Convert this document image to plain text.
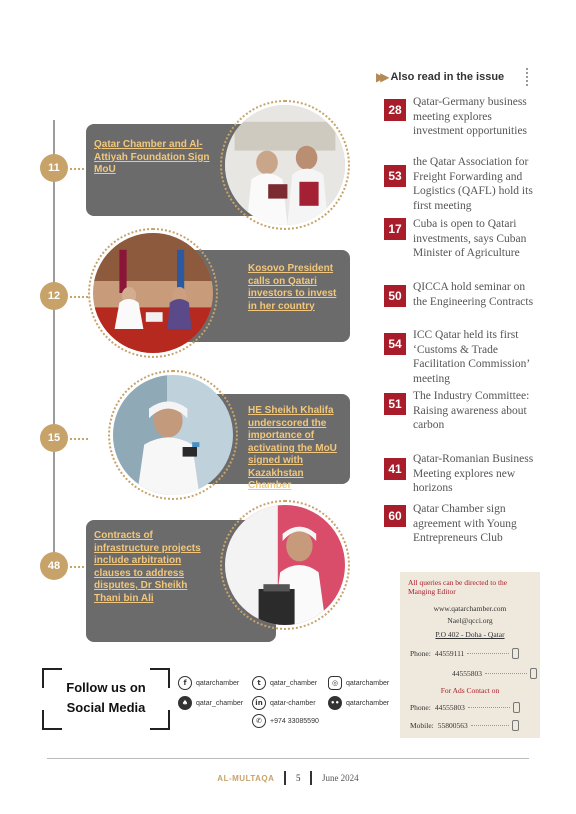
11
Qatar Chamber and Al-Attiyah Foundation Sign MoU
12
Kosovo President calls on Qatari investors to invest in her country
15
HE Sheikh Khalifa underscored the importance of activating the MoU signed with Kazakhstan Chamber
48
Contracts of infrastructure projects include arbitration clauses to address disputes, Dr Sheikh Thani bin Ali
▶▶ Also read in the issue
28
Qatar-Germany business meeting explores investment opportunities
53
the Qatar Association for Freight Forwarding and Logistics (QAFL) hold its first meeting
17 Cuba is open to Qatari investments, says Cuban Minister of Agriculture
50
QICCA hold seminar on the Engineering Contracts
54
ICC Qatar held its first ‘Customs & Trade Facilitation Commission’ meeting
51
The Industry Committee: Raising awareness about carbon
41
Qatar-Romanian Business Meeting explores new horizons
60 Qatar Chamber sign agreement with Young Entrepreneurs Club
All queries can be directed to the Manging Editor
www.qatarchamber.com
Nael@qcci.org
P.O 402 - Doha - Qatar
Phone: 44559111
44555803
For Ads Contact on
Phone: 44555803
Mobile: 55800563
Follow us on
Social Media
f	qatarchamber	t	qatar_chamber	◎	qatarchamber
♠	qatar_chamber	in	qatar-chamber	•• qatarchamber
✆	+974 33085590
AL-MULTAQA 5 June 2024
